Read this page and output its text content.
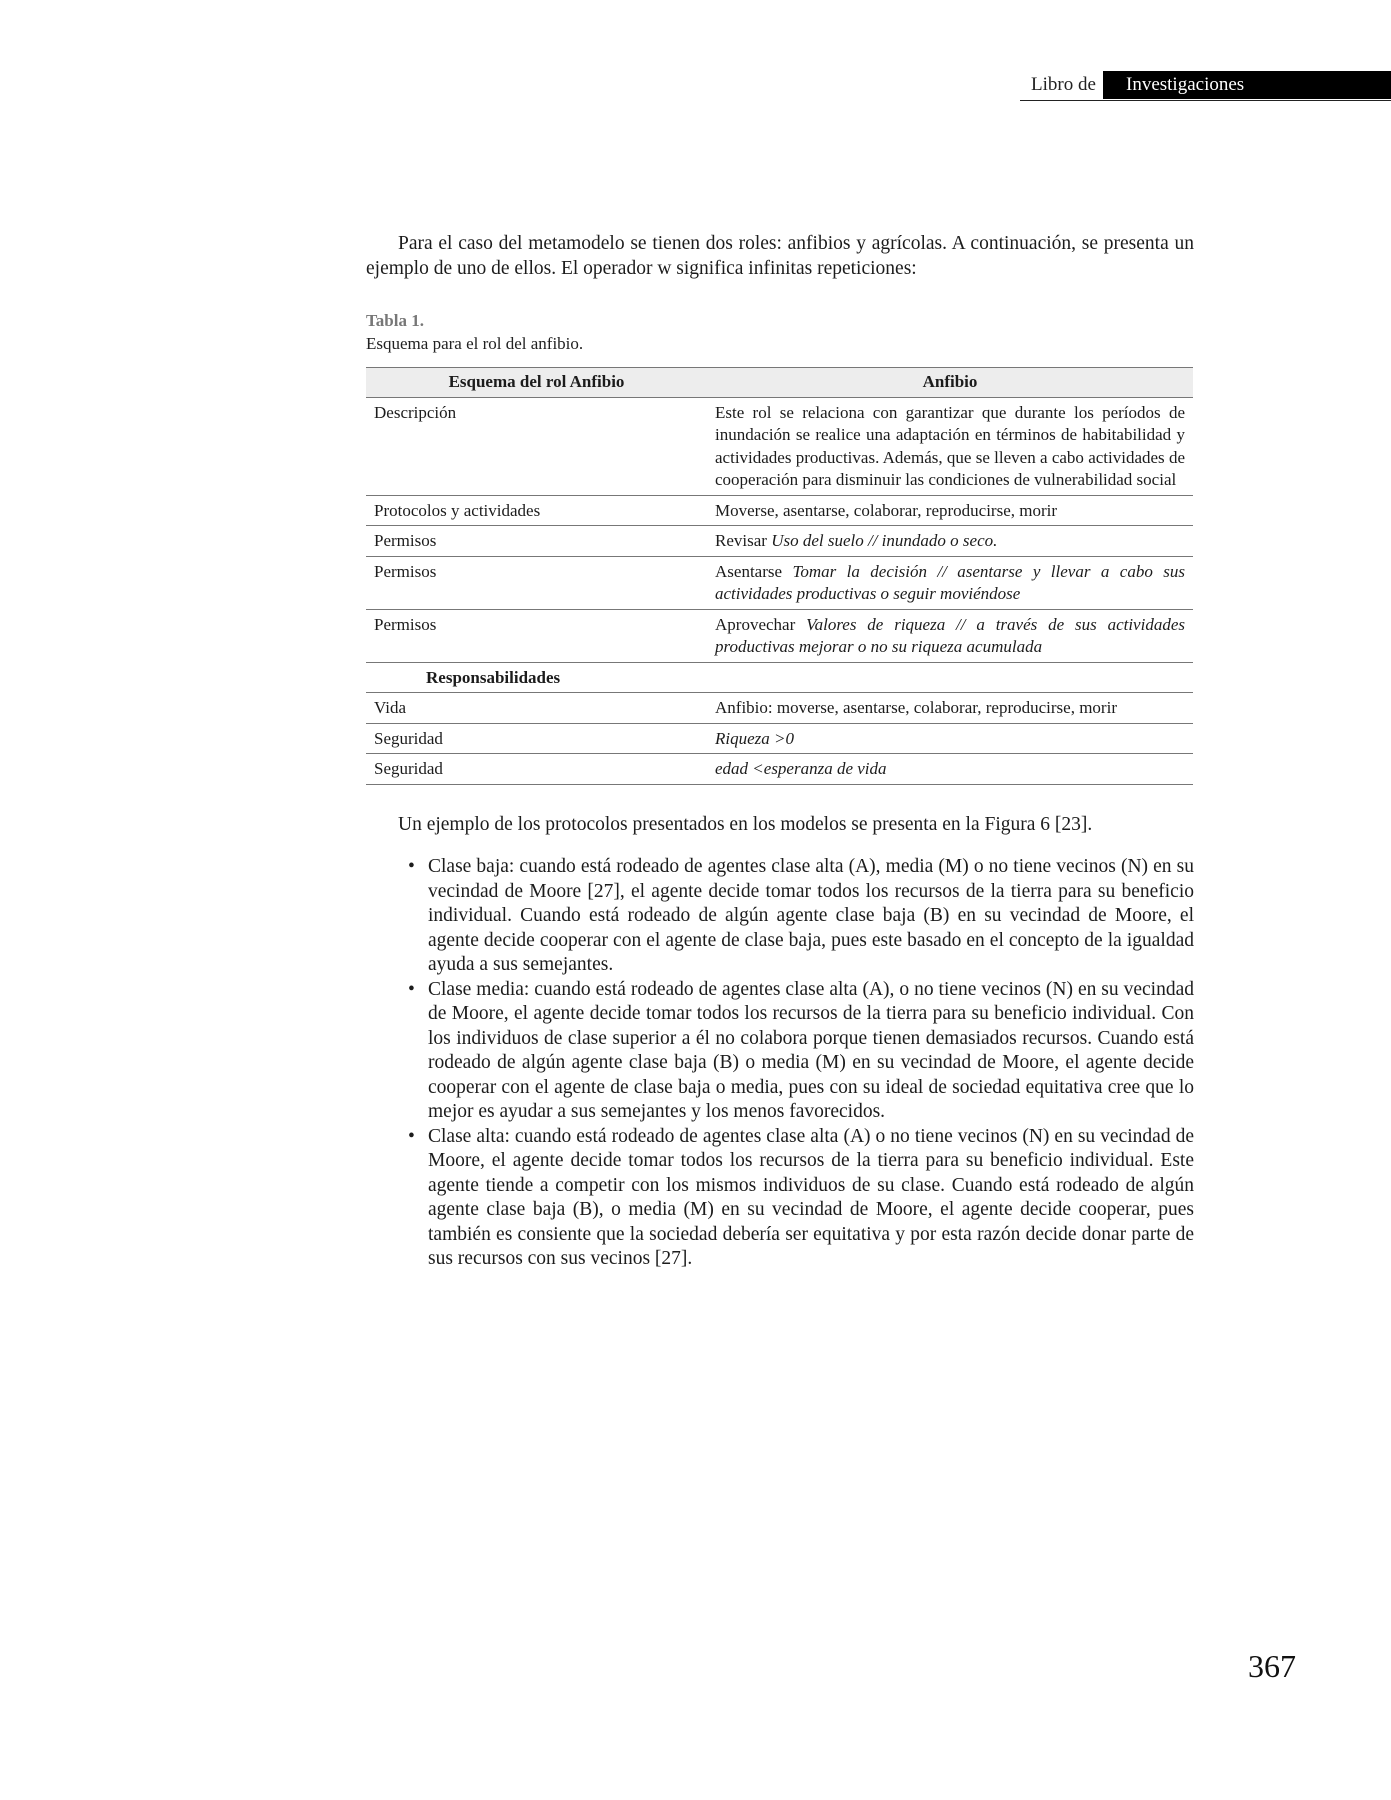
Libro de Investigaciones

Para el caso del metamodelo se tienen dos roles: anfibios y agrícolas. A continuación, se presenta un ejemplo de uno de ellos. El operador w significa infinitas repeticiones:

Tabla 1.
Esquema para el rol del anfibio.
Esquema del rol Anfibio	Anfibio
Descripción	Este rol se relaciona con garantizar que durante los períodos de inundación se realice una adaptación en términos de habitabilidad y actividades productivas. Además, que se lleven a cabo actividades de cooperación para disminuir las condiciones de vulnerabilidad social
Protocolos y actividades	Moverse, asentarse, colaborar, reproducirse, morir
Permisos	Revisar Uso del suelo // inundado o seco.
Permisos	Asentarse Tomar la decisión // asentarse y llevar a cabo sus actividades productivas o seguir moviéndose
Permisos	Aprovechar Valores de riqueza // a través de sus actividades productivas mejorar o no su riqueza acumulada
Responsabilidades	
Vida	Anfibio: moverse, asentarse, colaborar, reproducirse, morir
Seguridad	Riqueza >0
Seguridad	edad <esperanza de vida

Un ejemplo de los protocolos presentados en los modelos se presenta en la Figura 6 [23].

• Clase baja: cuando está rodeado de agentes clase alta (A), media (M) o no tiene vecinos (N) en su vecindad de Moore [27], el agente decide tomar todos los recursos de la tierra para su beneficio individual. Cuando está rodeado de algún agente clase baja (B) en su vecindad de Moore, el agente decide cooperar con el agente de clase baja, pues este basado en el concepto de la igualdad ayuda a sus semejantes.
• Clase media: cuando está rodeado de agentes clase alta (A), o no tiene vecinos (N) en su vecindad de Moore, el agente decide tomar todos los recursos de la tierra para su beneficio individual. Con los individuos de clase superior a él no colabora porque tienen demasiados recursos. Cuando está rodeado de algún agente clase baja (B) o media (M) en su vecindad de Moore, el agente decide cooperar con el agente de clase baja o media, pues con su ideal de sociedad equitativa cree que lo mejor es ayudar a sus semejantes y los menos favorecidos.
• Clase alta: cuando está rodeado de agentes clase alta (A) o no tiene vecinos (N) en su vecindad de Moore, el agente decide tomar todos los recursos de la tierra para su beneficio individual. Este agente tiende a competir con los mismos individuos de su clase. Cuando está rodeado de algún agente clase baja (B), o media (M) en su vecindad de Moore, el agente decide cooperar, pues también es consiente que la sociedad debería ser equitativa y por esta razón decide donar parte de sus recursos con sus vecinos [27].
367
